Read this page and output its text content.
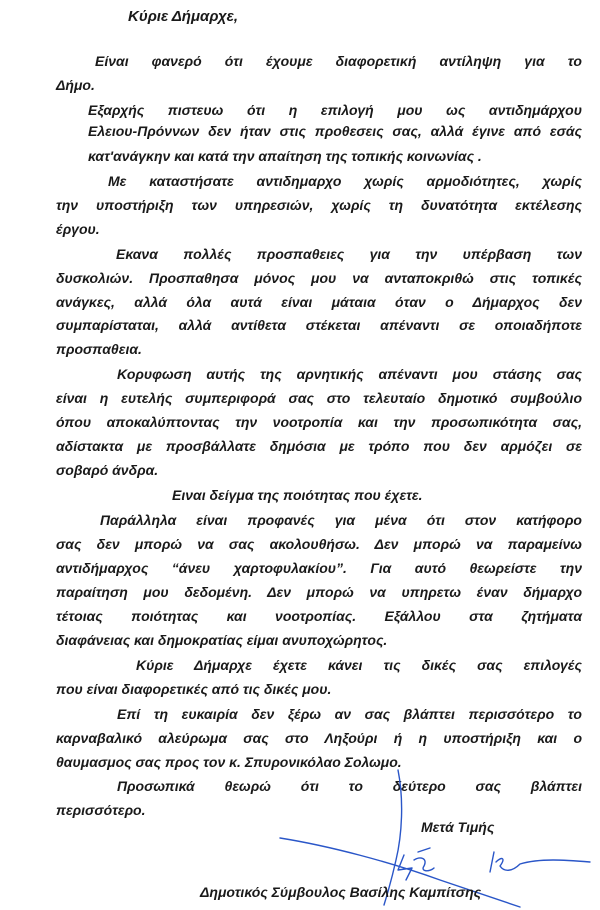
Κύριε Δήμαρχε,
Είναι φανερό ότι έχουμε διαφορετική αντίληψη για το
Δήμο.
Εξαρχής πιστευω ότι η επιλογή μου ως αντιδημάρχου
Ελειου-Πρόννων δεν ήταν στις προθεσεις σας, αλλά έγινε από εσάς
κατ'ανάγκην και κατά την απαίτηση της τοπικής κοινωνίας .
Με καταστήσατε αντιδημαρχο χωρίς αρμοδιότητες, χωρίς
την υποστήριξη των υπηρεσιών, χωρίς τη δυνατότητα εκτέλεσης
έργου.
Εκανα πολλές προσπαθειες για την υπέρβαση των
δυσκολιών. Προσπαθησα μόνος μου να ανταποκριθώ στις τοπικές
ανάγκες, αλλά όλα αυτά είναι μάταια όταν ο Δήμαρχος δεν
συμπαρίσταται, αλλά αντίθετα στέκεται απέναντι σε οποιαδήποτε
προσπαθεια.
Κορυφωση αυτής της αρνητικής απέναντι μου στάσης σας
είναι η ευτελής συμπεριφορά σας στο τελευταίο δημοτικό συμβούλιο
όπου αποκαλύπτοντας την νοοτροπία και την προσωπικότητα σας,
αδίστακτα με προσβάλλατε δημόσια με τρόπο που δεν αρμόζει σε
σοβαρό άνδρα.
Ειναι δείγμα της ποιότητας που έχετε.
Παράλληλα είναι προφανές για μένα ότι στον κατήφορο
σας δεν μπορώ να σας ακολουθήσω. Δεν μπορώ να παραμείνω
αντιδήμαρχος “άνευ χαρτοφυλακίου”. Για αυτό θεωρείστε την
παραίτηση μου δεδομένη. Δεν μπορώ να υπηρετω έναν δήμαρχο
τέτοιας ποιότητας και νοοτροπίας. Εξάλλου στα ζητήματα
διαφάνειας και δημοκρατίας είμαι ανυποχώρητος.
Κύριε Δήμαρχε έχετε κάνει τις δικές σας επιλογές
που είναι διαφορετικές από τις δικές μου.
Επί τη ευκαιρία δεν ξέρω αν σας βλάπτει περισσότερο το
καρναβαλικό αλεύρωμα σας στο Ληξούρι ή η υποστήριξη και ο
θαυμασμος σας προς τον κ. Σπυρονικόλαο Σολωμο.
Προσωπικά θεωρώ ότι το δεύτερο σας βλάπτει
περισσότερο.
Μετά Τιμής
Δημοτικός Σύμβουλος Βασίλης Καμπίτσης
